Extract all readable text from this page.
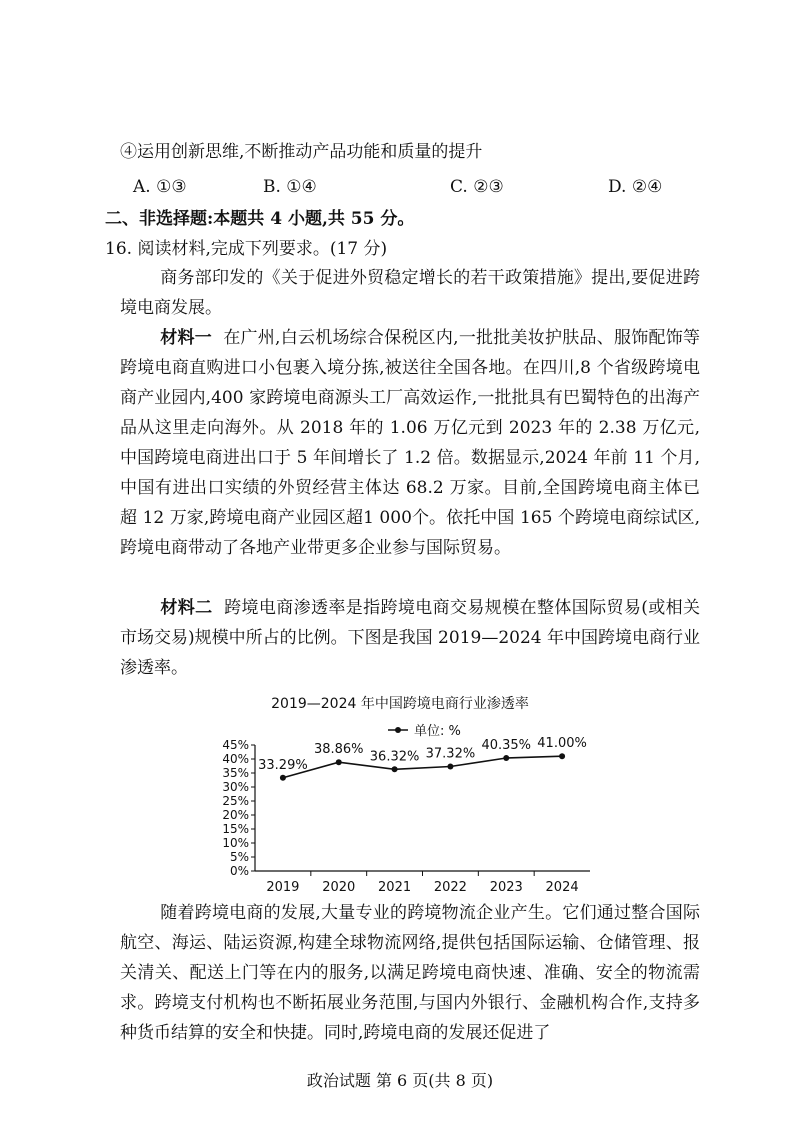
④运用创新思维,不断推动产品功能和质量的提升
A. ①③	B. ①④	C. ②③	D. ②④
二、非选择题:本题共 4 小题,共 55 分。
16. 阅读材料,完成下列要求。(17 分)
商务部印发的《关于促进外贸稳定增长的若干政策措施》提出,要促进跨境电商发展。
材料一 在广州,白云机场综合保税区内,一批批美妆护肤品、服饰配饰等跨境电商直购进口小包裹入境分拣,被送往全国各地。在四川,8 个省级跨境电商产业园内,400 家跨境电商源头工厂高效运作,一批批具有巴蜀特色的出海产品从这里走向海外。从 2018 年的 1.06 万亿元到 2023 年的 2.38 万亿元,中国跨境电商进出口于 5 年间增长了 1.2 倍。数据显示,2024 年前 11 个月,中国有进出口实绩的外贸经营主体达 68.2 万家。目前,全国跨境电商主体已超 12 万家,跨境电商产业园区超1 000个。依托中国 165 个跨境电商综试区,跨境电商带动了各地产业带更多企业参与国际贸易。
材料二 跨境电商渗透率是指跨境电商交易规模在整体国际贸易(或相关市场交易)规模中所占的比例。下图是我国 2019—2024 年中国跨境电商行业渗透率。
2019—2024 年中国跨境电商行业渗透率
单位: %
0%
5%
10%
15%
20%
25%
30%
35%
40%
45%
2019 2020 2021 2022 2023 2024
33.29%
38.86% 36.32% 37.32%
40.35% 41.00%
随着跨境电商的发展,大量专业的跨境物流企业产生。它们通过整合国际航空、海运、陆运资源,构建全球物流网络,提供包括国际运输、仓储管理、报关清关、配送上门等在内的服务,以满足跨境电商快速、准确、安全的物流需求。跨境支付机构也不断拓展业务范围,与国内外银行、金融机构合作,支持多种货币结算的安全和快捷。同时,跨境电商的发展还促进了
政治试题 第 6 页(共 8 页)
